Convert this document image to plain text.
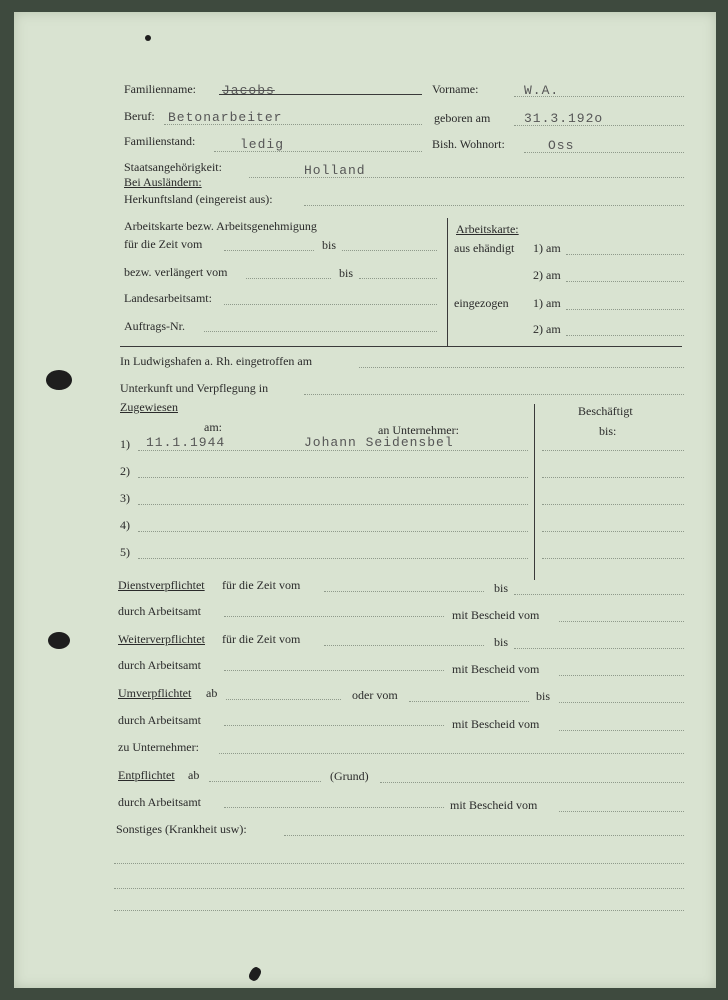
Familienname: Jacobs	Vorname:	W.A.
Beruf: Betonarbeiter	geboren am	31.3.192o
Familienstand:	ledig	Bish. Wohnort:	Oss
Staatsangehörigkeit:	Holland
Bei Ausländern:
Herkunftsland (eingereist aus):
Arbeitskarte bezw. Arbeitsgenehmigung
für die Zeit vom	bis
bezw. verlängert vom	bis
Landesarbeitsamt:
Auftrags-Nr.
Arbeitskarte:
aus ehändigt 1) am
2) am
eingezogen 1) am
2) am
In Ludwigshafen a. Rh. eingetroffen am
Unterkunft und Verpflegung in
Zugewiesen
am:	an Unternehmer:
Beschäftigt
bis:
1) 11.1.1944	Johann Seidensbel
2)
3)
4)
5)
Dienstverpflichtet für die Zeit vom	bis
durch Arbeitsamt	mit Bescheid vom
Weiterverpflichtet für die Zeit vom	bis
durch Arbeitsamt	mit Bescheid vom
Umverpflichtet ab	oder vom	bis
durch Arbeitsamt	mit Bescheid vom
zu Unternehmer:
Entpflichtet ab	(Grund)
durch Arbeitsamt	mit Bescheid vom
Sonstiges (Krankheit usw):
